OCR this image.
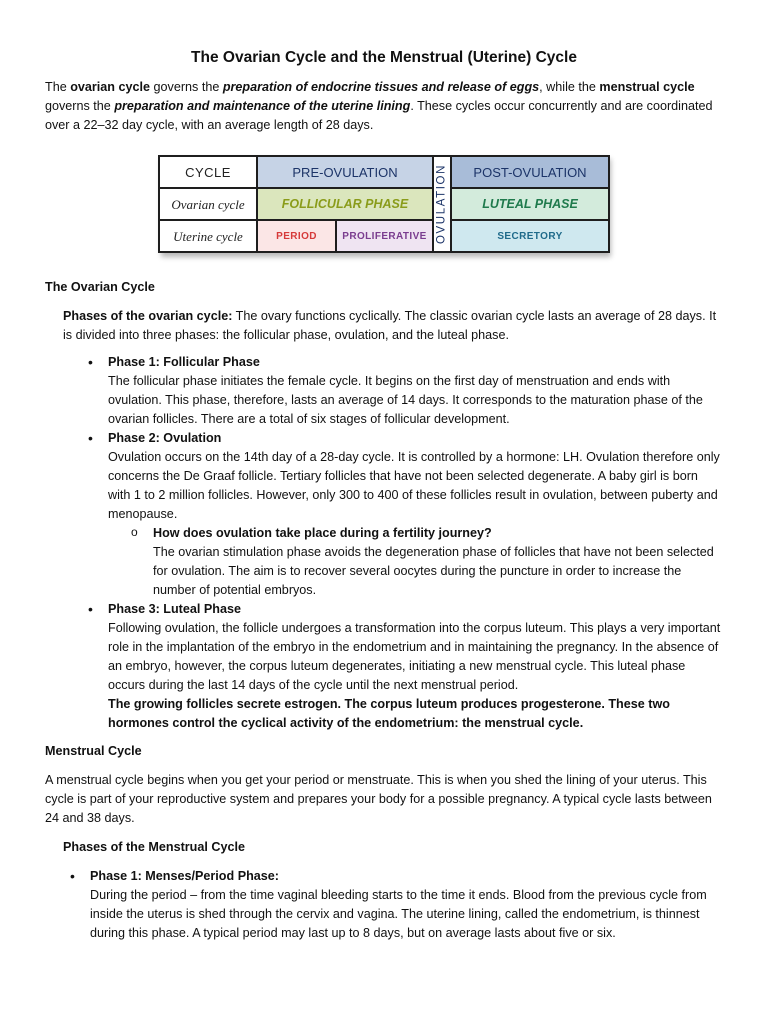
The Ovarian Cycle and the Menstrual (Uterine) Cycle

The ovarian cycle governs the preparation of endocrine tissues and release of eggs, while the menstrual cycle governs the preparation and maintenance of the uterine lining. These cycles occur concurrently and are coordinated over a 22–32 day cycle, with an average length of 28 days.

CYCLE	PRE-OVULATION		OVULATION	POST-OVULATION
Ovarian cycle	FOLLICULAR PHASE			LUTEAL PHASE
Uterine cycle	PERIOD	PROLIFERATIVE		SECRETORY

The Ovarian Cycle

Phases of the ovarian cycle: The ovary functions cyclically. The classic ovarian cycle lasts an average of 28 days. It is divided into three phases: the follicular phase, ovulation, and the luteal phase.

• Phase 1: Follicular Phase
The follicular phase initiates the female cycle. It begins on the first day of menstruation and ends with ovulation. This phase, therefore, lasts an average of 14 days. It corresponds to the maturation phase of the ovarian follicles. There are a total of six stages of follicular development.
• Phase 2: Ovulation
Ovulation occurs on the 14th day of a 28-day cycle. It is controlled by a hormone: LH. Ovulation therefore only concerns the De Graaf follicle. Tertiary follicles that have not been selected degenerate. A baby girl is born with 1 to 2 million follicles. However, only 300 to 400 of these follicles result in ovulation, between puberty and menopause.
o How does ovulation take place during a fertility journey?
The ovarian stimulation phase avoids the degeneration phase of follicles that have not been selected for ovulation. The aim is to recover several oocytes during the puncture in order to increase the number of potential embryos.
• Phase 3: Luteal Phase
Following ovulation, the follicle undergoes a transformation into the corpus luteum. This plays a very important role in the implantation of the embryo in the endometrium and in maintaining the pregnancy. In the absence of an embryo, however, the corpus luteum degenerates, initiating a new menstrual cycle. This luteal phase occurs during the last 14 days of the cycle until the next menstrual period.
The growing follicles secrete estrogen. The corpus luteum produces progesterone. These two hormones control the cyclical activity of the endometrium: the menstrual cycle.

Menstrual Cycle

A menstrual cycle begins when you get your period or menstruate. This is when you shed the lining of your uterus. This cycle is part of your reproductive system and prepares your body for a possible pregnancy. A typical cycle lasts between 24 and 38 days.

Phases of the Menstrual Cycle

• Phase 1: Menses/Period Phase:
During the period – from the time vaginal bleeding starts to the time it ends. Blood from the previous cycle from inside the uterus is shed through the cervix and vagina. The uterine lining, called the endometrium, is thinnest during this phase. A typical period may last up to 8 days, but on average lasts about five or six.
